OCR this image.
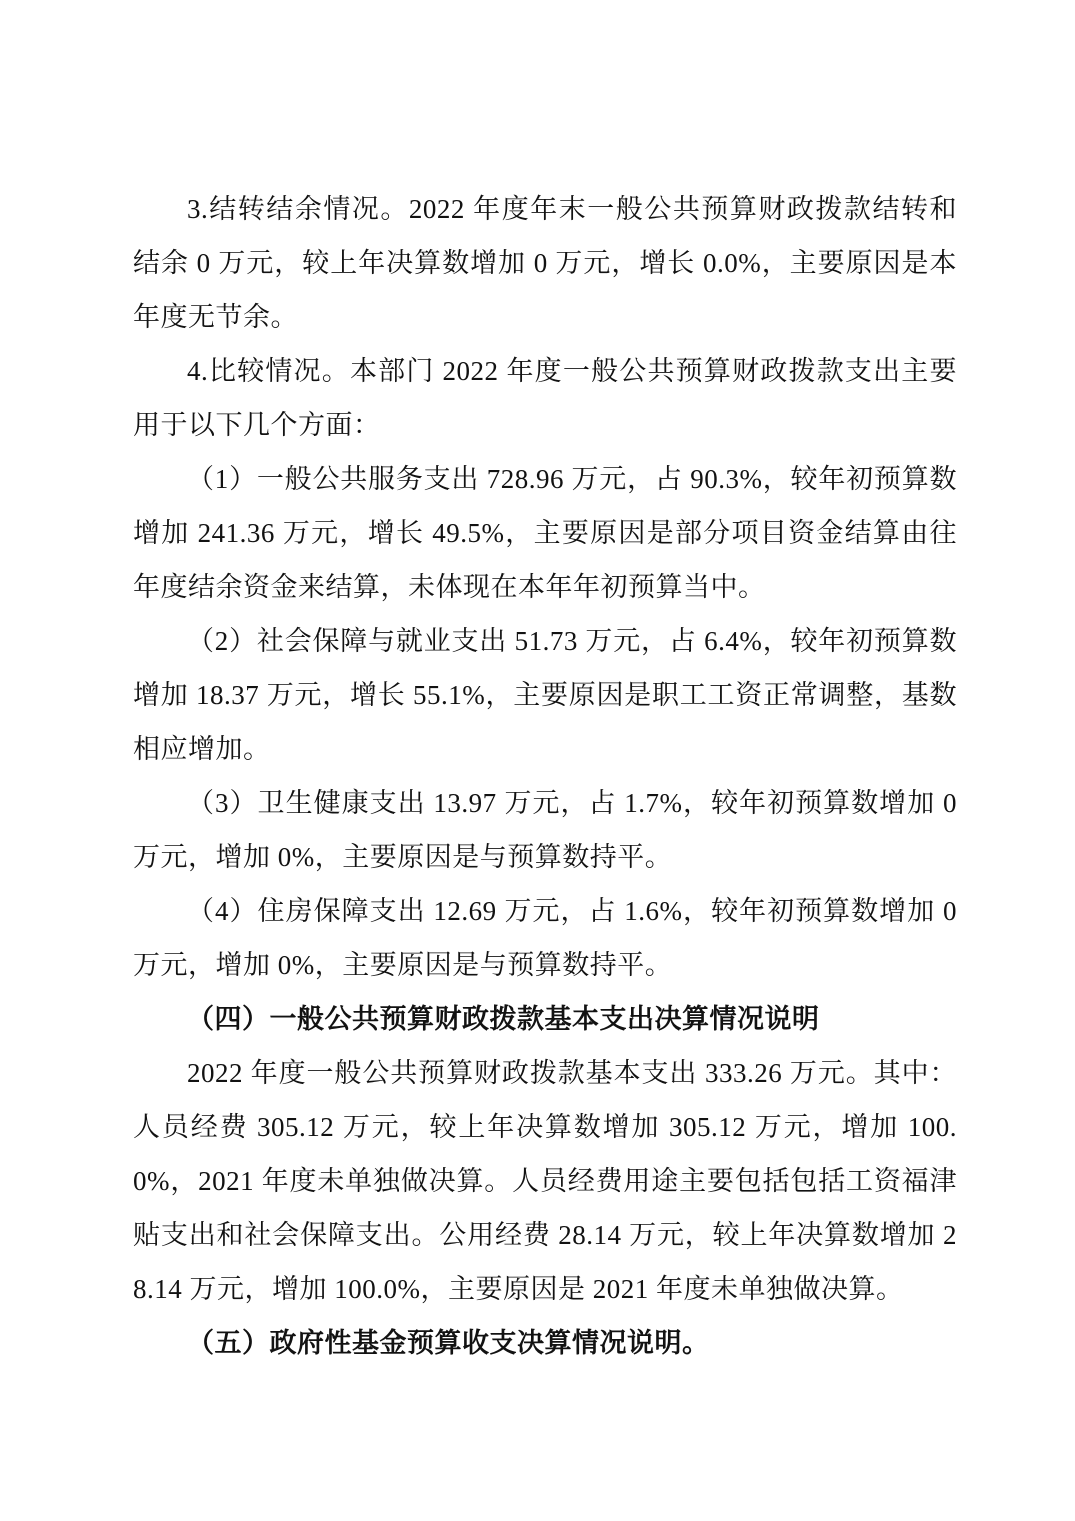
3.结转结余情况。2022 年度年末一般公共预算财政拨款结转和结余 0 万元，较上年决算数增加 0 万元，增长 0.0%，主要原因是本年度无节余。

4.比较情况。本部门 2022 年度一般公共预算财政拨款支出主要用于以下几个方面：

（1）一般公共服务支出 728.96 万元，占 90.3%，较年初预算数增加 241.36 万元，增长 49.5%，主要原因是部分项目资金结算由往年度结余资金来结算，未体现在本年年初预算当中。

（2）社会保障与就业支出 51.73 万元，占 6.4%，较年初预算数增加 18.37 万元，增长 55.1%，主要原因是职工工资正常调整，基数相应增加。

（3）卫生健康支出 13.97 万元，占 1.7%，较年初预算数增加 0 万元，增加 0%，主要原因是与预算数持平。

（4）住房保障支出 12.69 万元，占 1.6%，较年初预算数增加 0 万元，增加 0%，主要原因是与预算数持平。

（四）一般公共预算财政拨款基本支出决算情况说明

2022 年度一般公共预算财政拨款基本支出 333.26 万元。其中：人员经费 305.12 万元，较上年决算数增加 305.12 万元，增加 100.0%，2021 年度未单独做决算。人员经费用途主要包括包括工资福津贴支出和社会保障支出。公用经费 28.14 万元，较上年决算数增加 28.14 万元，增加 100.0%，主要原因是 2021 年度未单独做决算。

（五）政府性基金预算收支决算情况说明。
